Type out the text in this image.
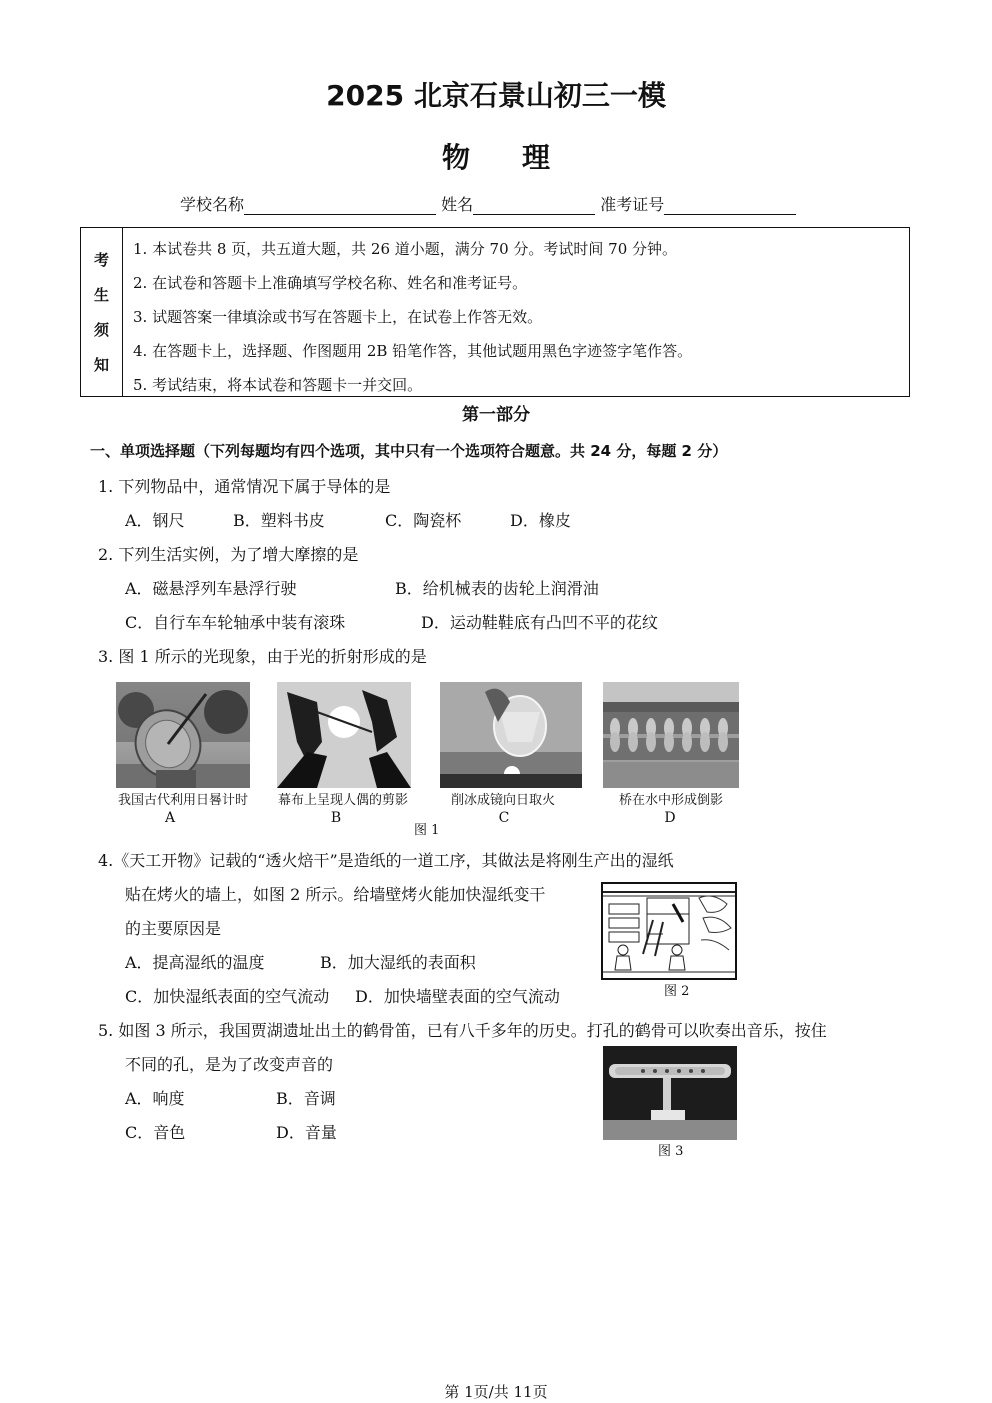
2025 北京石景山初三一模
物 理
学校名称	姓名	准考证号
考
生
须
知
1. 本试卷共 8 页，共五道大题，共 26 道小题，满分 70 分。考试时间 70 分钟。
2. 在试卷和答题卡上准确填写学校名称、姓名和准考证号。
3. 试题答案一律填涂或书写在答题卡上，在试卷上作答无效。
4. 在答题卡上，选择题、作图题用 2B 铅笔作答，其他试题用黑色字迹签字笔作答。
5. 考试结束，将本试卷和答题卡一并交回。
第一部分
一、单项选择题（下列每题均有四个选项，其中只有一个选项符合题意。共 24 分，每题 2 分）
1. 下列物品中，通常情况下属于导体的是
A．钢尺	B．塑料书皮	C．陶瓷杯	D．橡皮
2. 下列生活实例，为了增大摩擦的是
A．磁悬浮列车悬浮行驶	B．给机械表的齿轮上润滑油
C．自行车车轮轴承中装有滚珠	D．运动鞋鞋底有凸凹不平的花纹
3. 图 1 所示的光现象，由于光的折射形成的是
我国古代利用日晷计时	幕布上呈现人偶的剪影	削冰成镜向日取火	桥在水中形成倒影
A	B	C	D
图 1
4.《天工开物》记载的“透火焙干”是造纸的一道工序，其做法是将刚生产出的湿纸
贴在烤火的墙上，如图 2 所示。给墙壁烤火能加快湿纸变干
的主要原因是
A．提高湿纸的温度	B．加大湿纸的表面积
C．加快湿纸表面的空气流动 D．加快墙壁表面的空气流动	图 2
5. 如图 3 所示，我国贾湖遗址出土的鹤骨笛，已有八千多年的历史。打孔的鹤骨可以吹奏出音乐，按住
不同的孔，是为了改变声音的
A．响度	B．音调
C．音色	D．音量
图 3
第 1页/共 11页
